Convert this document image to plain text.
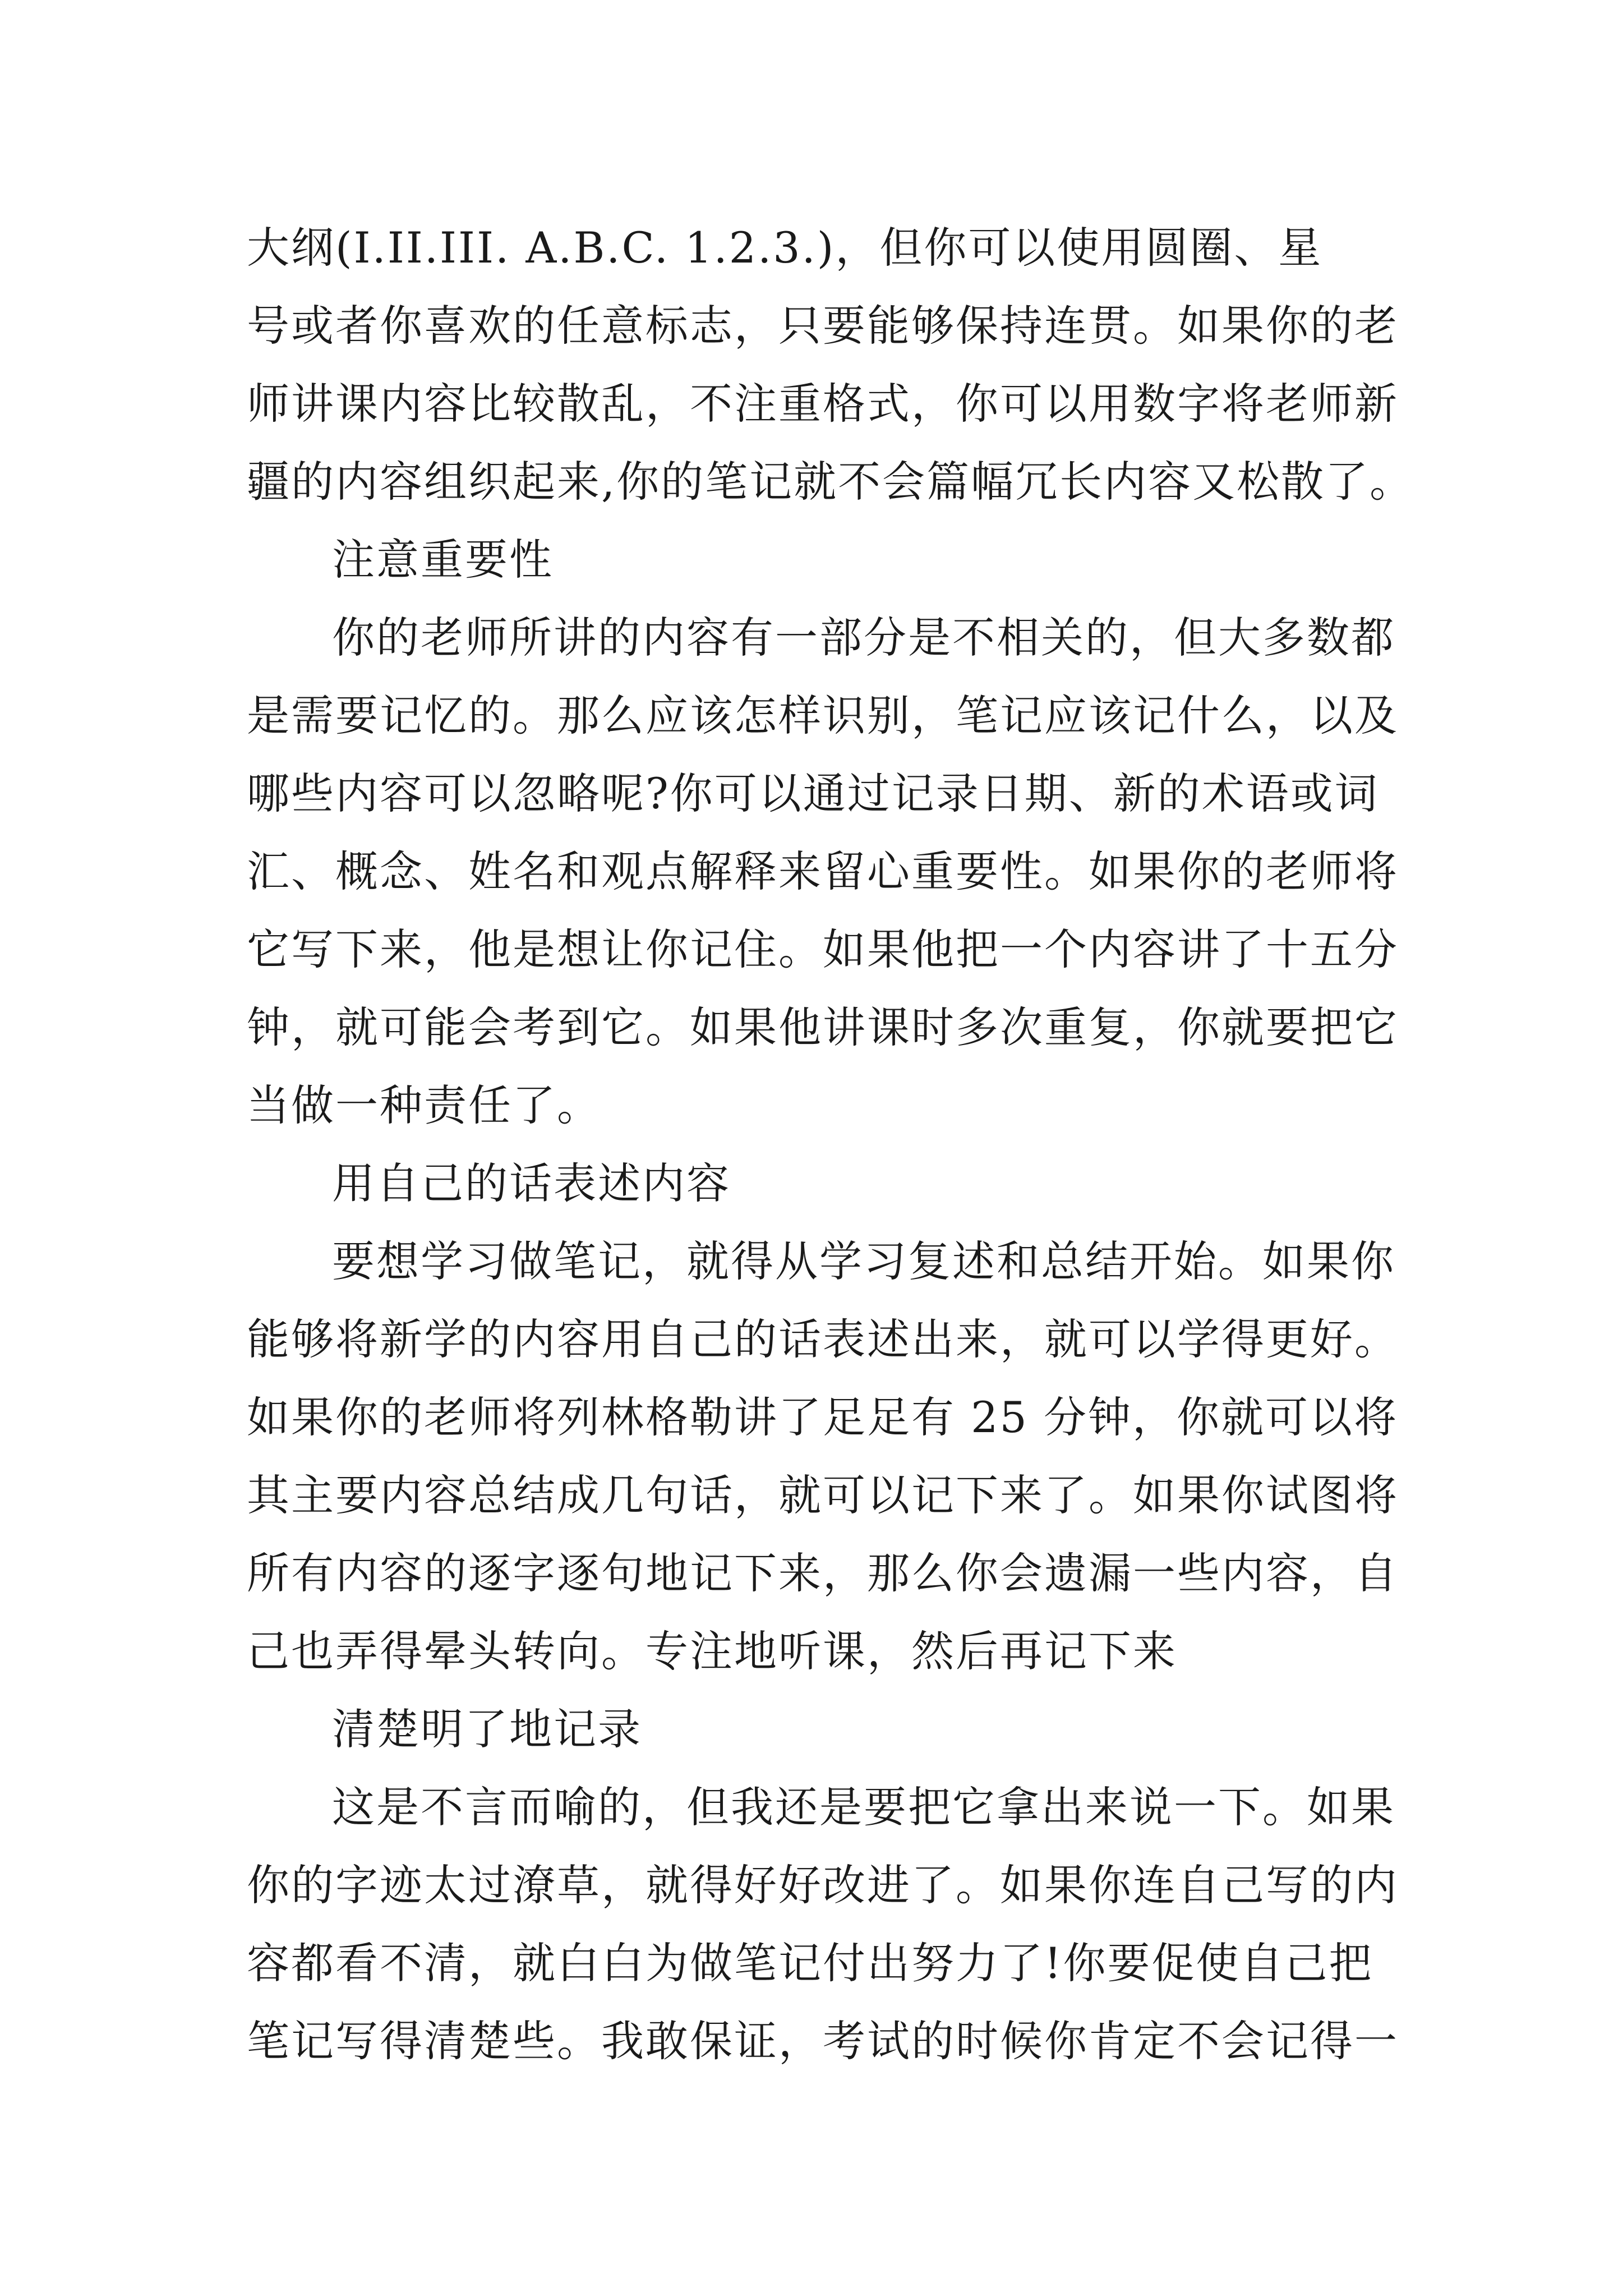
大纲(I.II.III. A.B.C. 1.2.3.)，但你可以使用圆圈、星
号或者你喜欢的任意标志，只要能够保持连贯。如果你的老
师讲课内容比较散乱，不注重格式，你可以用数字将老师新
疆的内容组织起来,你的笔记就不会篇幅冗长内容又松散了。
注意重要性
你的老师所讲的内容有一部分是不相关的，但大多数都
是需要记忆的。那么应该怎样识别，笔记应该记什么，以及
哪些内容可以忽略呢?你可以通过记录日期、新的术语或词
汇、概念、姓名和观点解释来留心重要性。如果你的老师将
它写下来，他是想让你记住。如果他把一个内容讲了十五分
钟，就可能会考到它。如果他讲课时多次重复，你就要把它
当做一种责任了。
用自己的话表述内容
要想学习做笔记，就得从学习复述和总结开始。如果你
能够将新学的内容用自己的话表述出来，就可以学得更好。
如果你的老师将列林格勒讲了足足有 25 分钟，你就可以将
其主要内容总结成几句话，就可以记下来了。如果你试图将
所有内容的逐字逐句地记下来，那么你会遗漏一些内容，自
己也弄得晕头转向。专注地听课，然后再记下来
清楚明了地记录
这是不言而喻的，但我还是要把它拿出来说一下。如果
你的字迹太过潦草，就得好好改进了。如果你连自己写的内
容都看不清，就白白为做笔记付出努力了!你要促使自己把
笔记写得清楚些。我敢保证，考试的时候你肯定不会记得一
